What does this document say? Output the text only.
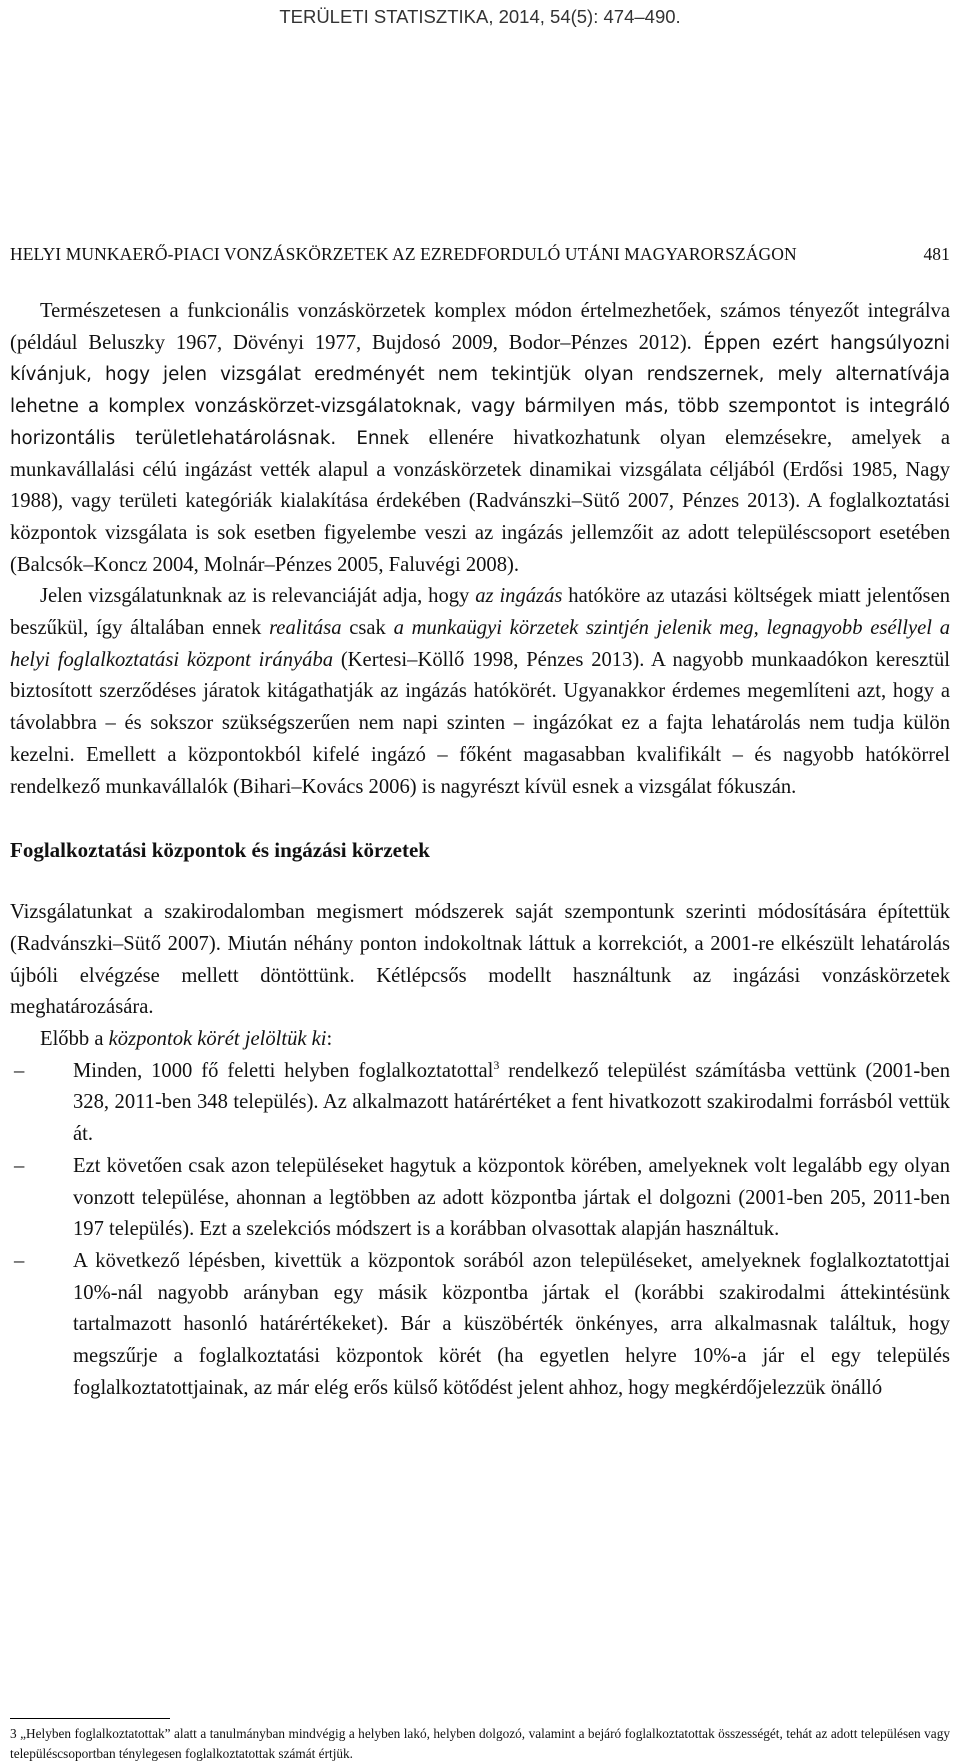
TERÜLETI STATISZTIKA, 2014, 54(5): 474–490.
HELYI MUNKAERŐ-PIACI VONZÁSKÖRZETEK AZ EZREDFORDULÓ UTÁNI MAGYARORSZÁGON	481

Természetesen a funkcionális vonzáskörzetek komplex módon értelmezhetőek, számos tényezőt integrálva (például Beluszky 1967, Dövényi 1977, Bujdosó 2009, Bodor–Pénzes 2012). Éppen ezért hangsúlyozni kívánjuk, hogy jelen vizsgálat eredményét nem tekintjük olyan rendszernek, mely alternatívája lehetne a komplex vonzáskörzet-vizsgálatoknak, vagy bármilyen más, több szempontot is integráló horizontális területlehatárolásnak. Ennek ellenére hivatkozhatunk olyan elemzésekre, amelyek a munkavállalási célú ingázást vették alapul a vonzáskörzetek dinamikai vizsgálata céljából (Erdősi 1985, Nagy 1988), vagy területi kategóriák kialakítása érdekében (Radvánszki–Sütő 2007, Pénzes 2013). A foglalkoztatási központok vizsgálata is sok esetben figyelembe veszi az ingázás jellemzőit az adott településcsoport esetében (Balcsók–Koncz 2004, Molnár–Pénzes 2005, Faluvégi 2008).

Jelen vizsgálatunknak az is relevanciáját adja, hogy az ingázás hatóköre az utazási költségek miatt jelentősen beszűkül, így általában ennek realitása csak a munkaügyi körzetek szintjén jelenik meg, legnagyobb eséllyel a helyi foglalkoztatási központ irányába (Kertesi–Köllő 1998, Pénzes 2013). A nagyobb munkaadókon keresztül biztosított szerződéses járatok kitágathatják az ingázás hatókörét. Ugyanakkor érdemes megemlíteni azt, hogy a távolabbra – és sokszor szükségszerűen nem napi szinten – ingázókat ez a fajta lehatárolás nem tudja külön kezelni. Emellett a központokból kifelé ingázó – főként magasabban kvalifikált – és nagyobb hatókörrel rendelkező munkavállalók (Bihari–Kovács 2006) is nagyrészt kívül esnek a vizsgálat fókuszán.

Foglalkoztatási központok és ingázási körzetek

Vizsgálatunkat a szakirodalomban megismert módszerek saját szempontunk szerinti módosítására építettük (Radvánszki–Sütő 2007). Miután néhány ponton indokoltnak láttuk a korrekciót, a 2001-re elkészült lehatárolás újbóli elvégzése mellett döntöttünk. Kétlépcsős modellt használtunk az ingázási vonzáskörzetek meghatározására.

Előbb a központok körét jelöltük ki:

– Minden, 1000 fő feletti helyben foglalkoztatottal$^3$ rendelkező települést számításba vettünk (2001-ben 328, 2011-ben 348 település). Az alkalmazott határértéket a fent hivatkozott szakirodalmi forrásból vettük át.
– Ezt követően csak azon településeket hagytuk a központok körében, amelyeknek volt legalább egy olyan vonzott települése, ahonnan a legtöbben az adott központba jártak el dolgozni (2001-ben 205, 2011-ben 197 település). Ezt a szelekciós módszert is a korábban olvasottak alapján használtuk.
– A következő lépésben, kivettük a központok sorából azon településeket, amelyeknek foglalkoztatottjai 10%-nál nagyobb arányban egy másik központba jártak el (korábbi szakirodalmi áttekintésünk tartalmazott hasonló határértékeket). Bár a küszöbérték önkényes, arra alkalmasnak találtuk, hogy megszűrje a foglalkoztatási központok körét (ha egyetlen helyre 10%-a jár el egy település foglalkoztatottjainak, az már elég erős külső kötődést jelent ahhoz, hogy megkérdőjelezzük önálló
3 „Helyben foglalkoztatottak” alatt a tanulmányban mindvégig a helyben lakó, helyben dolgozó, valamint a bejáró foglalkoztatottak összességét, tehát az adott településen vagy településcsoportban ténylegesen foglalkoztatottak számát értjük.
